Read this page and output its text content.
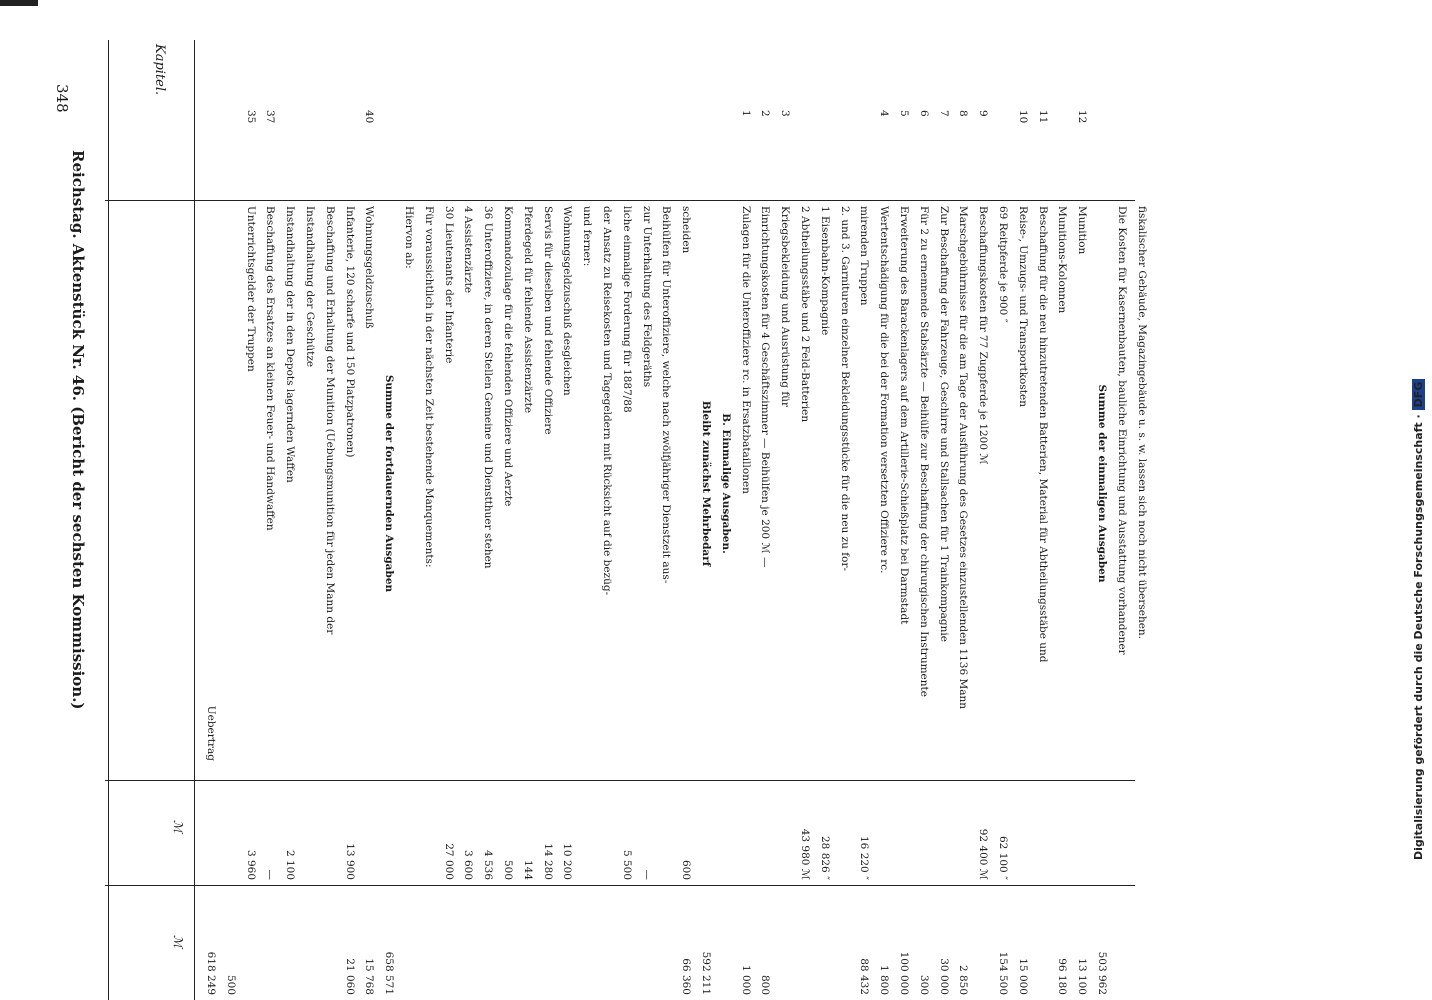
348
Reichstag. Aktenstück Nr. 46. (Bericht der sechsten Kommission.)
Kapitel.
ℳ
ℳ
Uebertrag
618 249 500
35
Unterrichtsgelder der Truppen
3 960
37
Beschaffung des Ersatzes an kleinen Feuer- und Handwaffen
—
Instandhaltung der in den Depots lagernden Waffen
2 100
Instandhaltung der Geschütze Beschaffung und Erhaltung der Munition (Uebungsmunition für jeden Mann der Infanterie, 120 scharfe und 150 Platzpatronen)
13 900
21 060
40
Wohnungsgeldzuschuß
15 768
Summe der fortdauernden Ausgaben
658 571
Hiervon ab: Für voraussichtlich in der nächsten Zeit bestehende Manquements: 30 Lieutenants der Infanterie
27 000
4 Assistenzärzte
3 600
36 Unteroffiziere, in deren Stellen Gemeine und Dienstthuer stehen
4 536
Kommandozulage für die fehlenden Offiziere und Aerzte
500
Pferdegeld für fehlende Assistenzärzte
144
Servis für dieselben und fehlende Offiziere
14 280
Wohnungsgeldzuschuß desgleichen
10 200
und ferner: der Ansatz zu Reisekosten und Tagegeldern mit Rücksicht auf die bezüg- liche einmalige Forderung für 1887/88
5 500
zur Unterhaltung des Feldgeräths
—
Beihülfen für Unteroffiziere, welche nach zwölfjähriger Dienstzeit aus- scheiden
600
66 360
Bleibt zunächst Mehrbedarf
592 211
B. Einmalige Ausgaben.
1
Zulagen für die Unteroffiziere rc. in Ersatzbataillonen
1 000
2
Einrichtungskosten für 4 Geschäftszimmer — Beihülfen je 200 ℳ —
800
3
Kriegsbekleidung und Ausrüstung für 2 Abtheilungsstäbe und 2 Feld-Batterien
43 980 ℳ
1 Eisenbahn-Kompagnie
28 826 ″
2. und 3. Garnituren einzelner Bekleidungsstücke für die neu zu for- mirenden Truppen
16 220 ″
88 432
4
Wertentschädigung für die bei der Formation versetzten Offiziere rc.
1 800
5
Erweiterung des Barackenlagers auf dem Artillerie-Schießplatz bei Darmstadt
100 000
6
Für 2 zu ernennende Stabsärzte — Beihülfe zur Beschaffung der chirurgischen Instrumente
300
7
Zur Beschaffung der Fahrzeuge, Geschirre und Stallsachen für 1 Trainkompagnie
30 000
8
Marschgebührnisse für die am Tage der Ausführung des Gesetzes einzustellenden 1136 Mann
2 850
9
Beschaffungskosten für 77 Zugpferde je 1200 ℳ
92 400 ℳ
69 Reitpferde je 900 ″
62 100 ″
154 500
10
Reise-, Umzugs- und Transportkosten
15 000
11
Beschaffung für die neu hinzutretenden Batterien, Material für Abtheilungsstäbe und Munitions-Kolonnen
96 180
12
Munition
13 100
Summe der einmaligen Ausgaben
503 962
Die Kosten für Kasernenbauten, bauliche Einrichtung und Ausstattung vorhandener fiskalischer Gebäude, Magazingebäude u. s. w. lassen sich noch nicht übersehen.	Digitalisierung gefördert durch die Deutsche Forschungsgemeinschaft ·DFG
